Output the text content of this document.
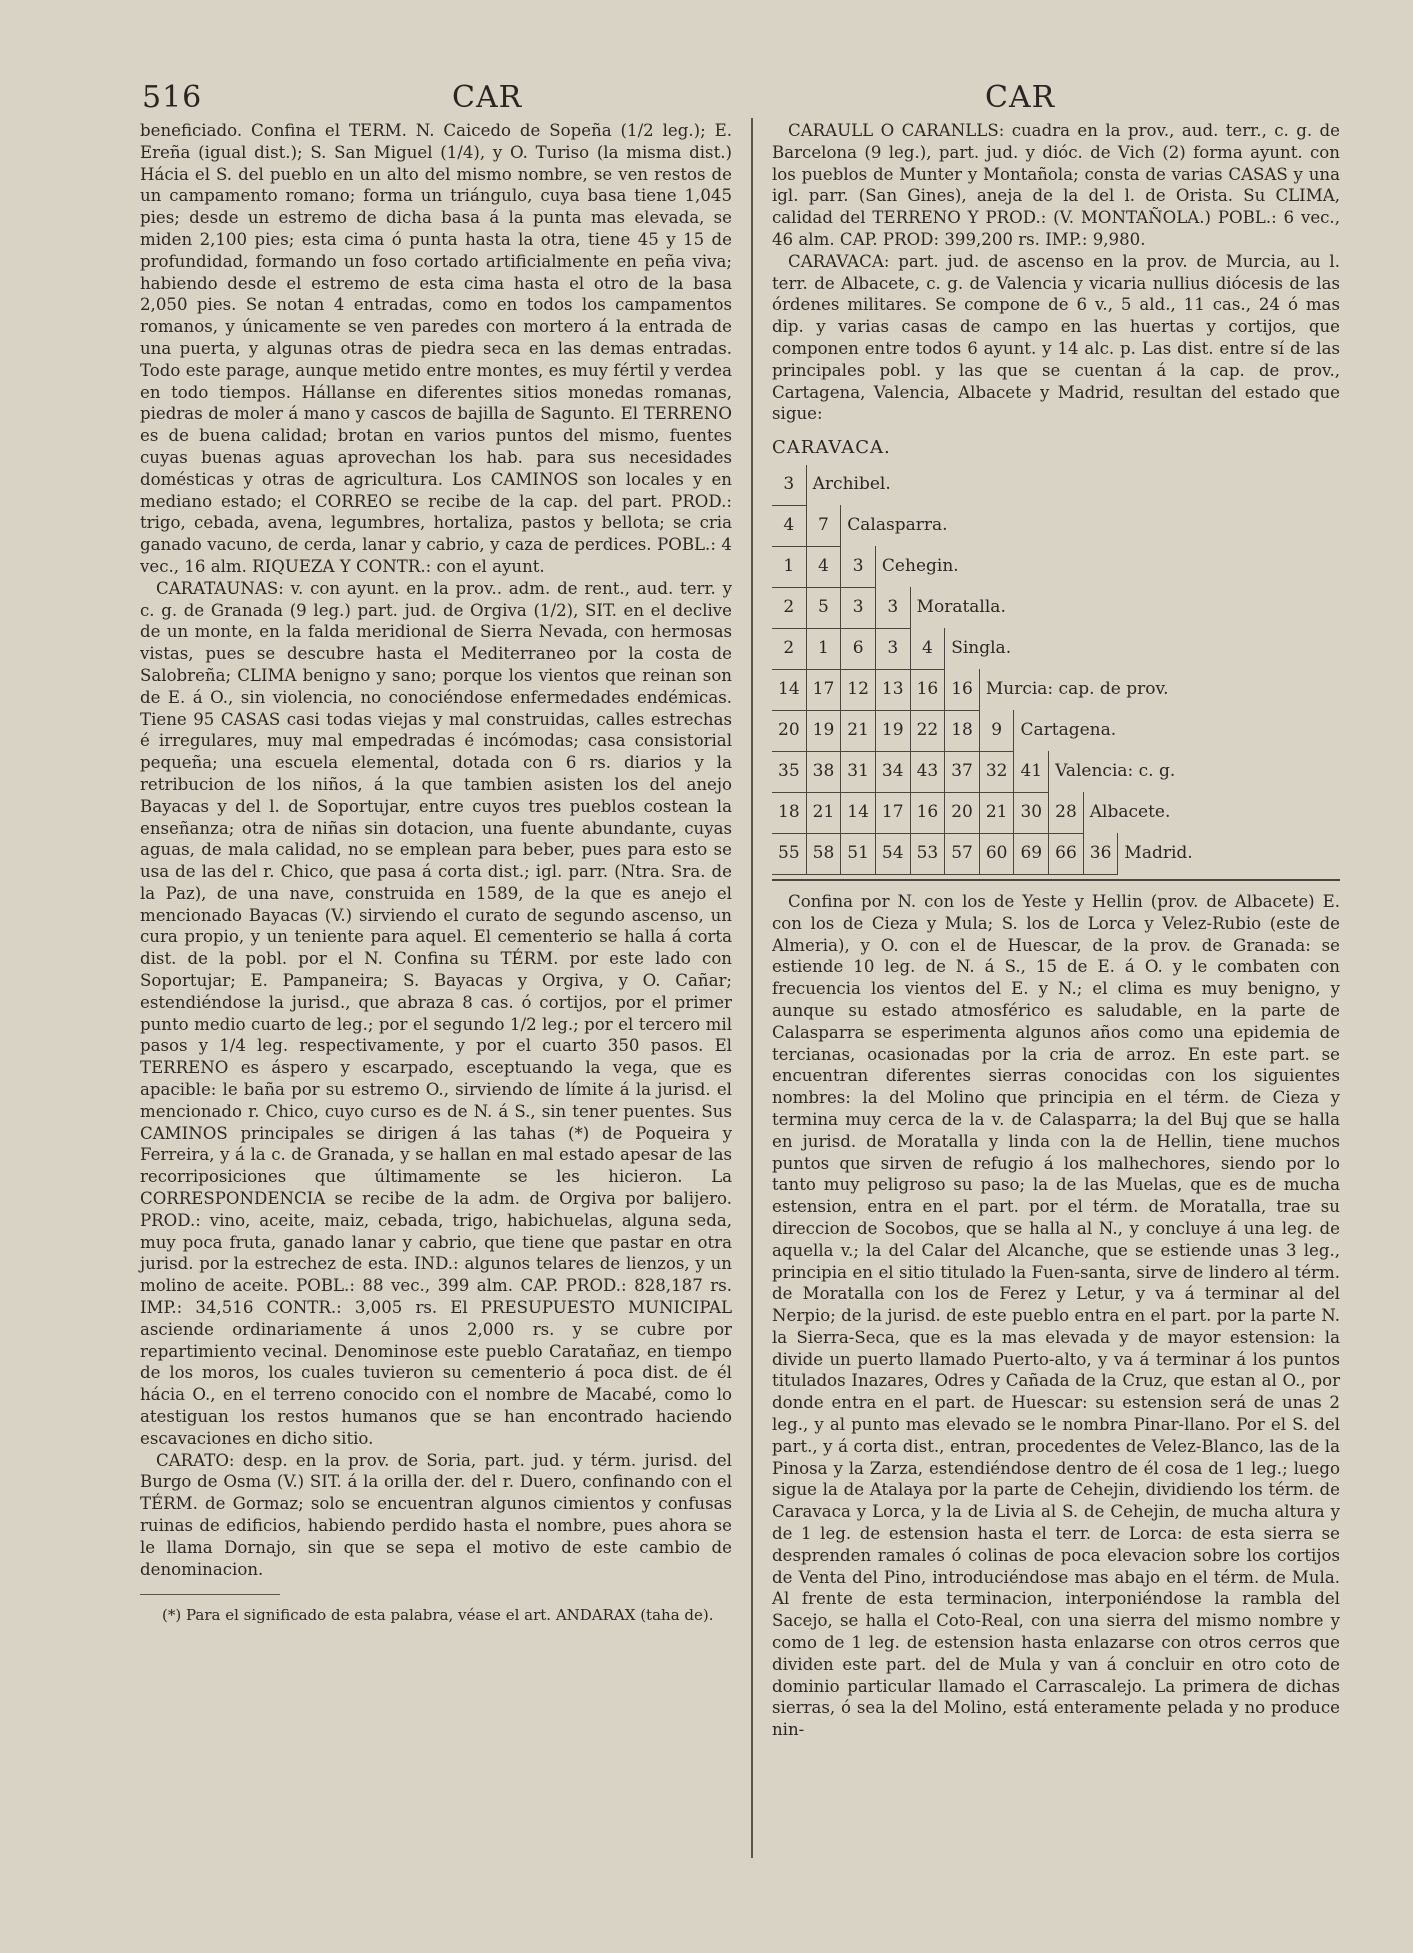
516	CAR	CAR

beneficiado. Confina el TERM. N. Caicedo de Sopeña (1/2 leg.); E. Ereña (igual dist.); S. San Miguel (1/4), y O. Turiso (la misma dist.) Hácia el S. del pueblo en un alto del mismo nombre, se ven restos de un campamento romano; forma un triángulo, cuya basa tiene 1,045 pies; desde un estremo de dicha basa á la punta mas elevada, se miden 2,100 pies; esta cima ó punta hasta la otra, tiene 45 y 15 de profundidad, formando un foso cortado artificialmente en peña viva; habiendo desde el estremo de esta cima hasta el otro de la basa 2,050 pies. Se notan 4 entradas, como en todos los campamentos romanos, y únicamente se ven paredes con mortero á la entrada de una puerta, y algunas otras de piedra seca en las demas entradas. Todo este parage, aunque metido entre montes, es muy fértil y verdea en todo tiempos. Hállanse en diferentes sitios monedas romanas, piedras de moler á mano y cascos de bajilla de Sagunto. El TERRENO es de buena calidad; brotan en varios puntos del mismo, fuentes cuyas buenas aguas aprovechan los hab. para sus necesidades domésticas y otras de agricultura. Los CAMINOS son locales y en mediano estado; el CORREO se recibe de la cap. del part. PROD.: trigo, cebada, avena, legumbres, hortaliza, pastos y bellota; se cria ganado vacuno, de cerda, lanar y cabrio, y caza de perdices. POBL.: 4 vec., 16 alm. RIQUEZA Y CONTR.: con el ayunt.

CARATAUNAS: v. con ayunt. en la prov.. adm. de rent., aud. terr. y c. g. de Granada (9 leg.) part. jud. de Orgiva (1/2), SIT. en el declive de un monte, en la falda meridional de Sierra Nevada, con hermosas vistas, pues se descubre hasta el Mediterraneo por la costa de Salobreña; CLIMA benigno y sano; porque los vientos que reinan son de E. á O., sin violencia, no conociéndose enfermedades endémicas. Tiene 95 CASAS casi todas viejas y mal construidas, calles estrechas é irregulares, muy mal empedradas é incómodas; casa consistorial pequeña; una escuela elemental, dotada con 6 rs. diarios y la retribucion de los niños, á la que tambien asisten los del anejo Bayacas y del l. de Soportujar, entre cuyos tres pueblos costean la enseñanza; otra de niñas sin dotacion, una fuente abundante, cuyas aguas, de mala calidad, no se emplean para beber, pues para esto se usa de las del r. Chico, que pasa á corta dist.; igl. parr. (Ntra. Sra. de la Paz), de una nave, construida en 1589, de la que es anejo el mencionado Bayacas (V.) sirviendo el curato de segundo ascenso, un cura propio, y un teniente para aquel. El cementerio se halla á corta dist. de la pobl. por el N. Confina su TÉRM. por este lado con Soportujar; E. Pampaneira; S. Bayacas y Orgiva, y O. Cañar; estendiéndose la jurisd., que abraza 8 cas. ó cortijos, por el primer punto medio cuarto de leg.; por el segundo 1/2 leg.; por el tercero mil pasos y 1/4 leg. respectivamente, y por el cuarto 350 pasos. El TERRENO es áspero y escarpado, esceptuando la vega, que es apacible: le baña por su estremo O., sirviendo de límite á la jurisd. el mencionado r. Chico, cuyo curso es de N. á S., sin tener puentes. Sus CAMINOS principales se dirigen á las tahas (*) de Poqueira y Ferreira, y á la c. de Granada, y se hallan en mal estado apesar de las recorriposiciones que últimamente se les hicieron. La CORRESPONDENCIA se recibe de la adm. de Orgiva por balijero. PROD.: vino, aceite, maiz, cebada, trigo, habichuelas, alguna seda, muy poca fruta, ganado lanar y cabrio, que tiene que pastar en otra jurisd. por la estrechez de esta. IND.: algunos telares de lienzos, y un molino de aceite. POBL.: 88 vec., 399 alm. CAP. PROD.: 828,187 rs. IMP.: 34,516 CONTR.: 3,005 rs. El PRESUPUESTO MUNICIPAL asciende ordinariamente á unos 2,000 rs. y se cubre por repartimiento vecinal. Denominose este pueblo Caratañaz, en tiempo de los moros, los cuales tuvieron su cementerio á poca dist. de él hácia O., en el terreno conocido con el nombre de Macabé, como lo atestiguan los restos humanos que se han encontrado haciendo escavaciones en dicho sitio.

CARATO: desp. en la prov. de Soria, part. jud. y térm. jurisd. del Burgo de Osma (V.) SIT. á la orilla der. del r. Duero, confinando con el TÉRM. de Gormaz; solo se encuentran algunos cimientos y confusas ruinas de edificios, habiendo perdido hasta el nombre, pues ahora se le llama Dornajo, sin que se sepa el motivo de este cambio de denominacion.

(*) Para el significado de esta palabra, véase el art. ANDARAX (taha de).

CARAULL O CARANLLS: cuadra en la prov., aud. terr., c. g. de Barcelona (9 leg.), part. jud. y dióc. de Vich (2) forma ayunt. con los pueblos de Munter y Montañola; consta de varias CASAS y una igl. parr. (San Gines), aneja de la del l. de Orista. Su CLIMA, calidad del TERRENO Y PROD.: (V. MONTAÑOLA.) POBL.: 6 vec., 46 alm. CAP. PROD: 399,200 rs. IMP.: 9,980.

CARAVACA: part. jud. de ascenso en la prov. de Murcia, au l. terr. de Albacete, c. g. de Valencia y vicaria nullius diócesis de las órdenes militares. Se compone de 6 v., 5 ald., 11 cas., 24 ó mas dip. y varias casas de campo en las huertas y cortijos, que componen entre todos 6 ayunt. y 14 alc. p. Las dist. entre sí de las principales pobl. y las que se cuentan á la cap. de prov., Cartagena, Valencia, Albacete y Madrid, resultan del estado que sigue:

CARAVACA.
3	Archibel.									
4	7	Calasparra.								
1	4	3	Cehegin.							
2	5	3	3	Moratalla.						
2	1	6	3	4	Singla.					
14	17	12	13	16	16	Murcia: cap. de prov.				
20	19	21	19	22	18	9	Cartagena.			
35	38	31	34	43	37	32	41	Valencia: c. g.		
18	21	14	17	16	20	21	30	28	Albacete.	
55	58	51	54	53	57	60	69	66	36	Madrid.

Confina por N. con los de Yeste y Hellin (prov. de Albacete) E. con los de Cieza y Mula; S. los de Lorca y Velez-Rubio (este de Almeria), y O. con el de Huescar, de la prov. de Granada: se estiende 10 leg. de N. á S., 15 de E. á O. y le combaten con frecuencia los vientos del E. y N.; el clima es muy benigno, y aunque su estado atmosférico es saludable, en la parte de Calasparra se esperimenta algunos años como una epidemia de tercianas, ocasionadas por la cria de arroz. En este part. se encuentran diferentes sierras conocidas con los siguientes nombres: la del Molino que principia en el térm. de Cieza y termina muy cerca de la v. de Calasparra; la del Buj que se halla en jurisd. de Moratalla y linda con la de Hellin, tiene muchos puntos que sirven de refugio á los malhechores, siendo por lo tanto muy peligroso su paso; la de las Muelas, que es de mucha estension, entra en el part. por el térm. de Moratalla, trae su direccion de Socobos, que se halla al N., y concluye á una leg. de aquella v.; la del Calar del Alcanche, que se estiende unas 3 leg., principia en el sitio titulado la Fuen-santa, sirve de lindero al térm. de Moratalla con los de Ferez y Letur, y va á terminar al del Nerpio; de la jurisd. de este pueblo entra en el part. por la parte N. la Sierra-Seca, que es la mas elevada y de mayor estension: la divide un puerto llamado Puerto-alto, y va á terminar á los puntos titulados Inazares, Odres y Cañada de la Cruz, que estan al O., por donde entra en el part. de Huescar: su estension será de unas 2 leg., y al punto mas elevado se le nombra Pinar-llano. Por el S. del part., y á corta dist., entran, procedentes de Velez-Blanco, las de la Pinosa y la Zarza, estendiéndose dentro de él cosa de 1 leg.; luego sigue la de Atalaya por la parte de Cehejin, dividiendo los térm. de Caravaca y Lorca, y la de Livia al S. de Cehejin, de mucha altura y de 1 leg. de estension hasta el terr. de Lorca: de esta sierra se desprenden ramales ó colinas de poca elevacion sobre los cortijos de Venta del Pino, introduciéndose mas abajo en el térm. de Mula. Al frente de esta terminacion, interponiéndose la rambla del Sacejo, se halla el Coto-Real, con una sierra del mismo nombre y como de 1 leg. de estension hasta enlazarse con otros cerros que dividen este part. del de Mula y van á concluir en otro coto de dominio particular llamado el Carrascalejo. La primera de dichas sierras, ó sea la del Molino, está enteramente pelada y no produce nin-
